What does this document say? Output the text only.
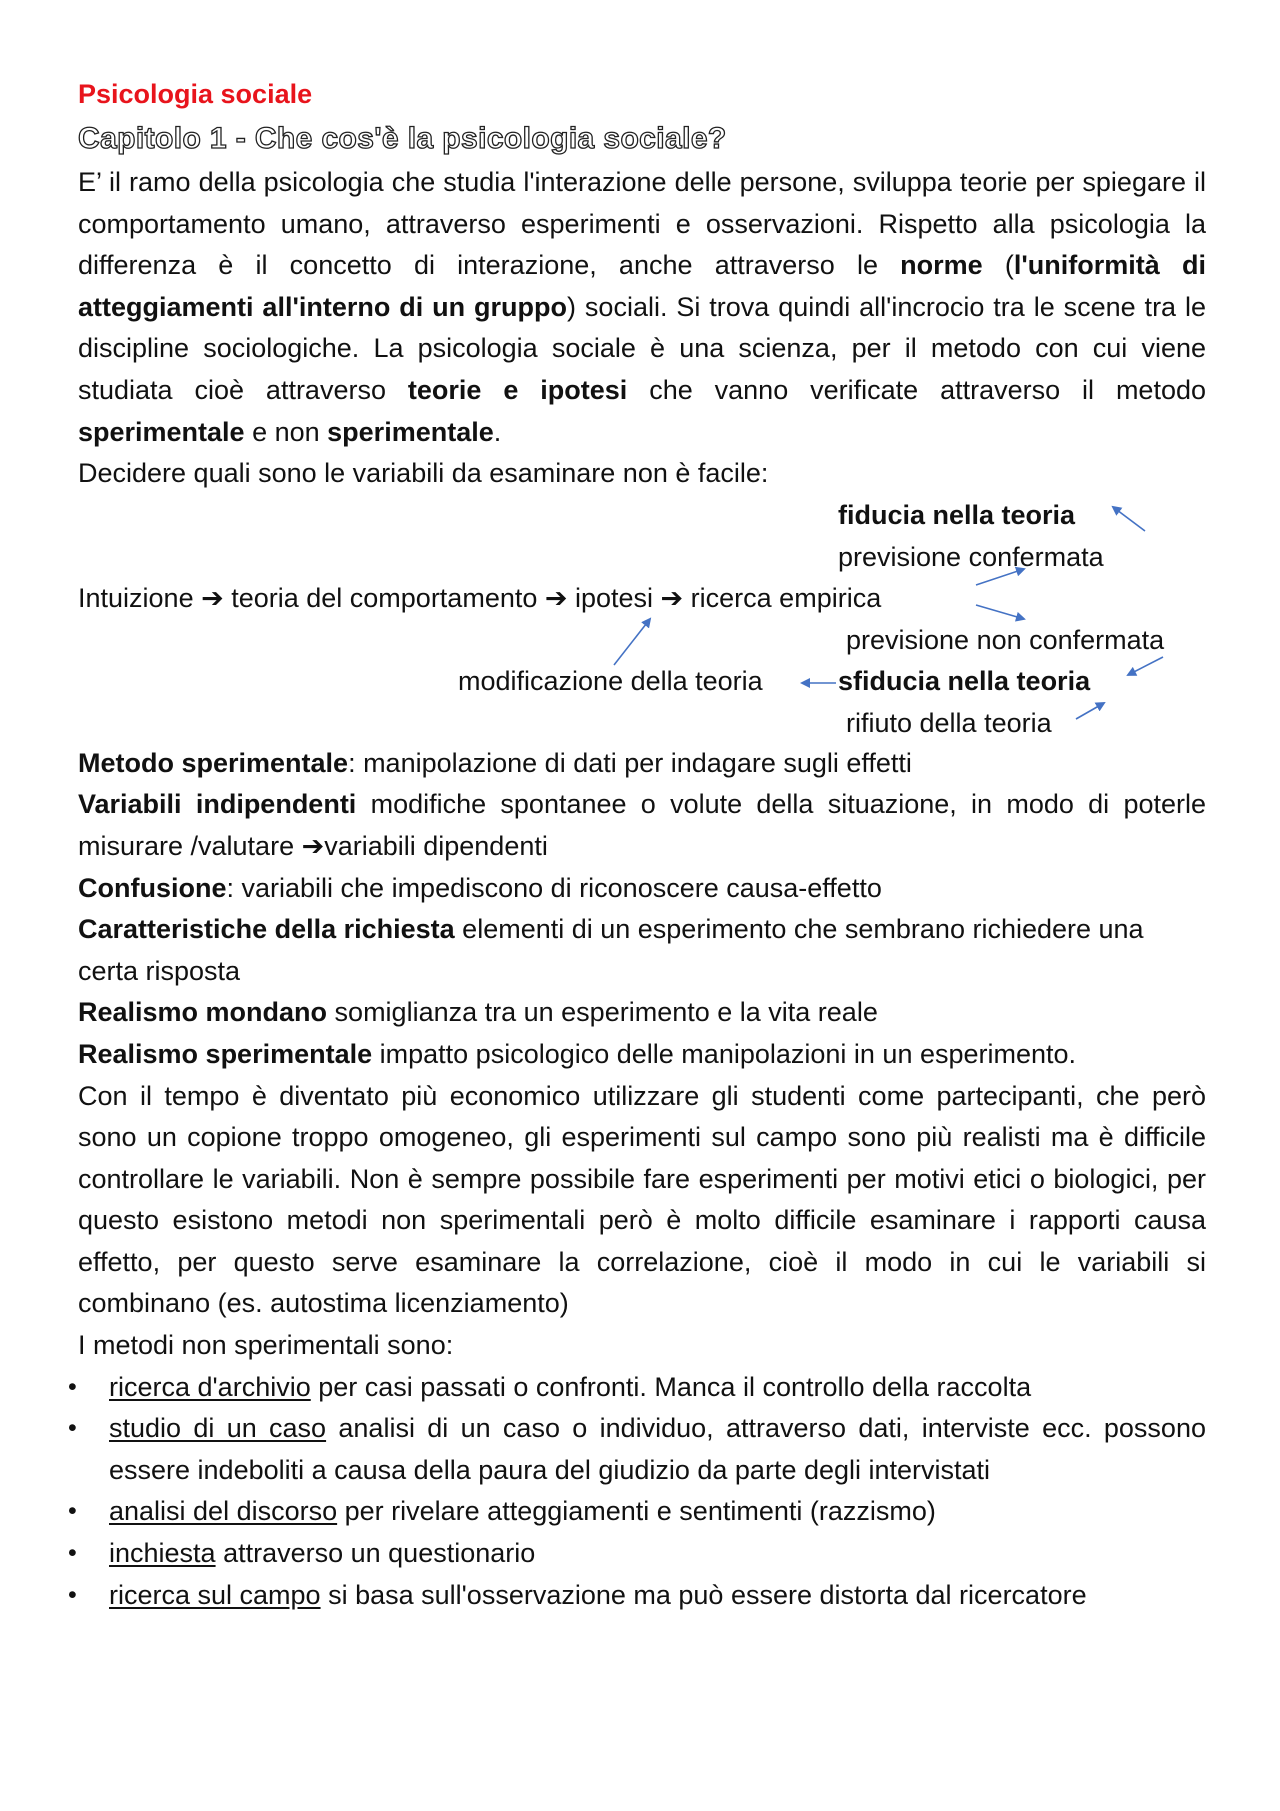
Psicologia sociale

Capitolo 1 - Che cos'è la psicologia sociale?

E’ il ramo della psicologia che studia l'interazione delle persone, sviluppa teorie per spiegare il comportamento umano, attraverso esperimenti e osservazioni. Rispetto alla psicologia la differenza è il concetto di interazione, anche attraverso le norme (l'uniformità di atteggiamenti all'interno di un gruppo) sociali. Si trova quindi all'incrocio tra le scene tra le discipline sociologiche. La psicologia sociale è una scienza, per il metodo con cui viene studiata cioè attraverso teorie e ipotesi che vanno verificate attraverso il metodo sperimentale e non sperimentale.

Decidere quali sono le variabili da esaminare non è facile:

fiducia nella teoria
previsione confermata
Intuizione ➔ teoria del comportamento ➔ ipotesi ➔ ricerca empirica
previsione non confermata
modificazione della teoria	sfiducia nella teoria
rifiuto della teoria

Metodo sperimentale: manipolazione di dati per indagare sugli effetti

Variabili indipendenti modifiche spontanee o volute della situazione, in modo di poterle misurare /valutare ➔variabili dipendenti

Confusione: variabili che impediscono di riconoscere causa-effetto

Caratteristiche della richiesta elementi di un esperimento che sembrano richiedere una certa risposta

Realismo mondano somiglianza tra un esperimento e la vita reale

Realismo sperimentale impatto psicologico delle manipolazioni in un esperimento.

Con il tempo è diventato più economico utilizzare gli studenti come partecipanti, che però sono un copione troppo omogeneo, gli esperimenti sul campo sono più realisti ma è difficile controllare le variabili. Non è sempre possibile fare esperimenti per motivi etici o biologici, per questo esistono metodi non sperimentali però è molto difficile esaminare i rapporti causa effetto, per questo serve esaminare la correlazione, cioè il modo in cui le variabili si combinano (es. autostima licenziamento)

I metodi non sperimentali sono:

• ricerca d'archivio per casi passati o confronti. Manca il controllo della raccolta
• studio di un caso analisi di un caso o individuo, attraverso dati, interviste ecc. possono essere indeboliti a causa della paura del giudizio da parte degli intervistati
• analisi del discorso per rivelare atteggiamenti e sentimenti (razzismo)
• inchiesta attraverso un questionario
• ricerca sul campo si basa sull'osservazione ma può essere distorta dal ricercatore
